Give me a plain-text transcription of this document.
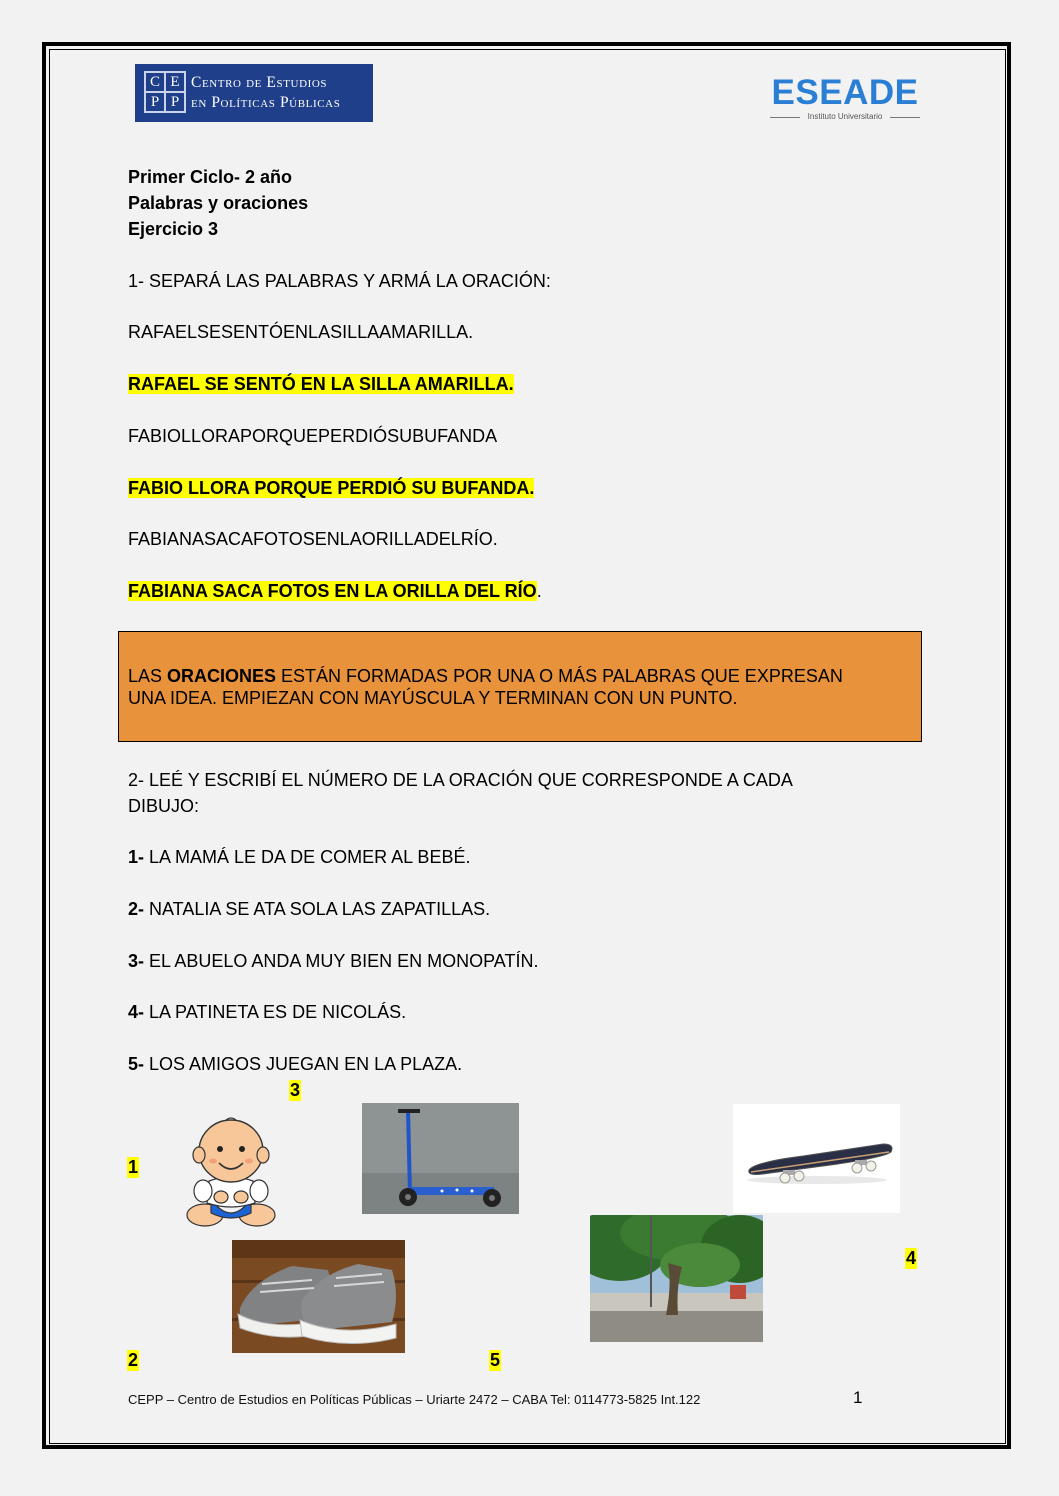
C E
P P
Centro de Estudios
en Políticas Públicas	ESEADE
Instituto Universitario
Primer Ciclo- 2 año
Palabras y oraciones
Ejercicio 3
1- SEPARÁ LAS PALABRAS Y ARMÁ LA ORACIÓN:
RAFAELSESENTÓENLASILLAAMARILLA.
RAFAEL SE SENTÓ EN LA SILLA AMARILLA.
FABIOLLORAPORQUEPERDIÓSUBUFANDA
FABIO LLORA PORQUE PERDIÓ SU BUFANDA.
FABIANASACAFOTOSENLAORILLADELRÍO.
FABIANA SACA FOTOS EN LA ORILLA DEL RÍO.
LAS ORACIONES ESTÁN FORMADAS POR UNA O MÁS PALABRAS QUE EXPRESAN
UNA IDEA. EMPIEZAN CON MAYÚSCULA Y TERMINAN CON UN PUNTO.
2- LEÉ Y ESCRIBÍ EL NÚMERO DE LA ORACIÓN QUE CORRESPONDE A CADA
DIBUJO:
1- LA MAMÁ LE DA DE COMER AL BEBÉ.
2- NATALIA SE ATA SOLA LAS ZAPATILLAS.
3- EL ABUELO ANDA MUY BIEN EN MONOPATÍN.
4- LA PATINETA ES DE NICOLÁS.
5- LOS AMIGOS JUEGAN EN LA PLAZA.
3
1
4
2	5
CEPP – Centro de Estudios en Políticas Públicas – Uriarte 2472 – CABA Tel: 0114773-5825 Int.122	1
